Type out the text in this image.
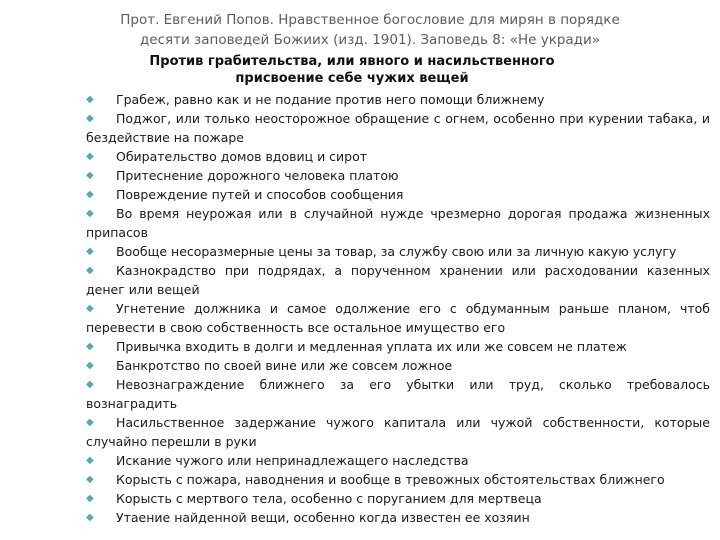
Прот. Евгений Попов. Нравственное богословие для мирян в порядке десяти заповедей Божиих (изд. 1901). Заповедь 8: «Не укради»
Против грабительства, или явного и насильственного присвоение себе чужих вещей
◆ Грабеж, равно как и не подание против него помощи ближнему
◆ Поджог, или только неосторожное обращение с огнем, особенно при курении табака, и бездействие на пожаре
◆ Обирательство домов вдовиц и сирот
◆ Притеснение дорожного человека платою
◆ Повреждение путей и способов сообщения
◆ Во время неурожая или в случайной нужде чрезмерно дорогая продажа жизненных припасов
◆ Вообще несоразмерные цены за товар, за службу свою или за личную какую услугу
◆ Казнокрадство при подрядах, а порученном хранении или расходовании казенных денег или вещей
◆ Угнетение должника и самое одолжение его с обдуманным раньше планом, чтоб перевести в свою собственность все остальное имущество его
◆ Привычка входить в долги и медленная уплата их или же совсем не платеж
◆ Банкротство по своей вине или же совсем ложное
◆ Невознаграждение ближнего за его убытки или труд, сколько требовалось вознаградить
◆ Насильственное задержание чужого капитала или чужой собственности, которые случайно перешли в руки
◆ Искание чужого или непринадлежащего наследства
◆ Корысть с пожара, наводнения и вообще в тревожных обстоятельствах ближнего
◆ Корысть с мертвого тела, особенно с поруганием для мертвеца
◆ Утаение найденной вещи, особенно когда известен ее хозяин
